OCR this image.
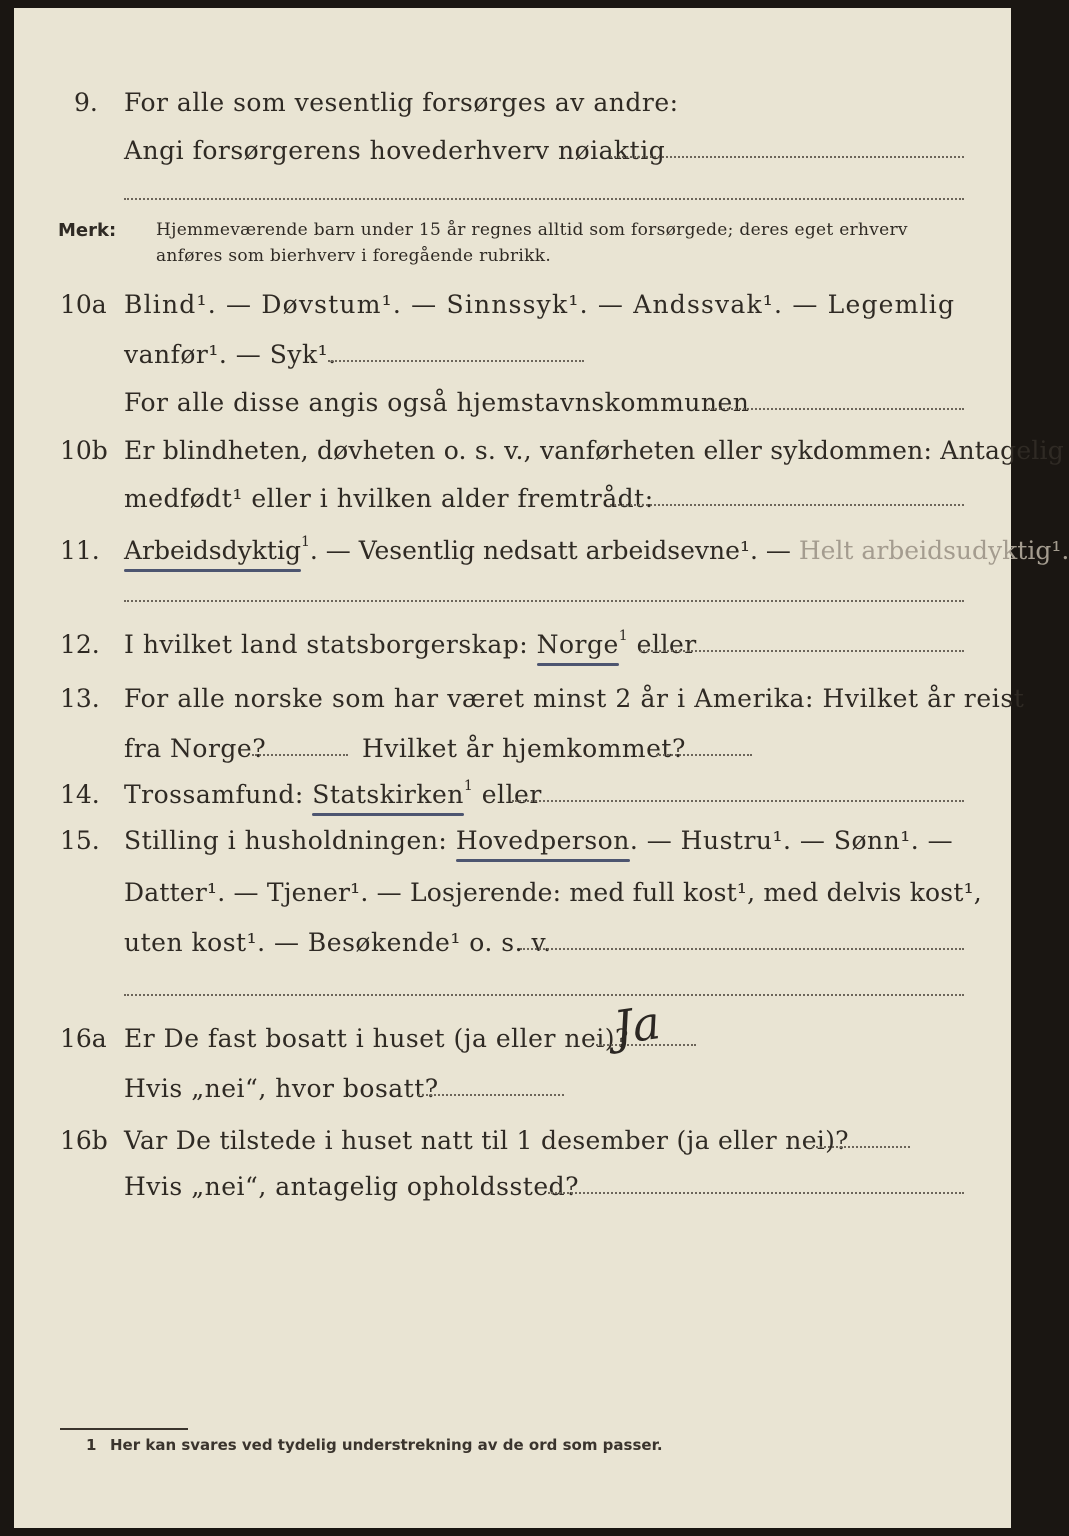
9. For alle som vesentlig forsørges av andre:
Angi forsørgerens hovederhverv nøiaktig
Merk: Hjemmeværende barn under 15 år regnes alltid som forsørgede; deres eget erhverv
anføres som bierhverv i foregående rubrikk.
10a Blind¹. — Døvstum¹. — Sinnssyk¹. — Andssvak¹. — Legemlig
vanfør¹. — Syk¹.
For alle disse angis også hjemstavnskommunen
10b Er blindheten, døvheten o. s. v., vanførheten eller sykdommen: Antagelig
medfødt¹ eller i hvilken alder fremtrådt:
11. Arbeidsdyktig$^1$. — Vesentlig nedsatt arbeidsevne¹. — Helt arbeidsudyktig¹.
12. I hvilket land statsborgerskap: Norge$^1$ eller
13. For alle norske som har været minst 2 år i Amerika: Hvilket år reist
fra Norge?	Hvilket år hjemkommet?
14. Trossamfund: Statskirken$^1$ eller
15. Stilling i husholdningen: Hovedperson. — Hustru¹. — Sønn¹. —
Datter¹. — Tjener¹. — Losjerende: med full kost¹, med delvis kost¹,
uten kost¹. — Besøkende¹ o. s. v.
16a Er De fast bosatt i huset (ja eller nei)?
Ja
Hvis „nei“, hvor bosatt?
16b Var De tilstede i huset natt til 1 desember (ja eller nei)?
Hvis „nei“, antagelig opholdssted?
1 Her kan svares ved tydelig understrekning av de ord som passer.
